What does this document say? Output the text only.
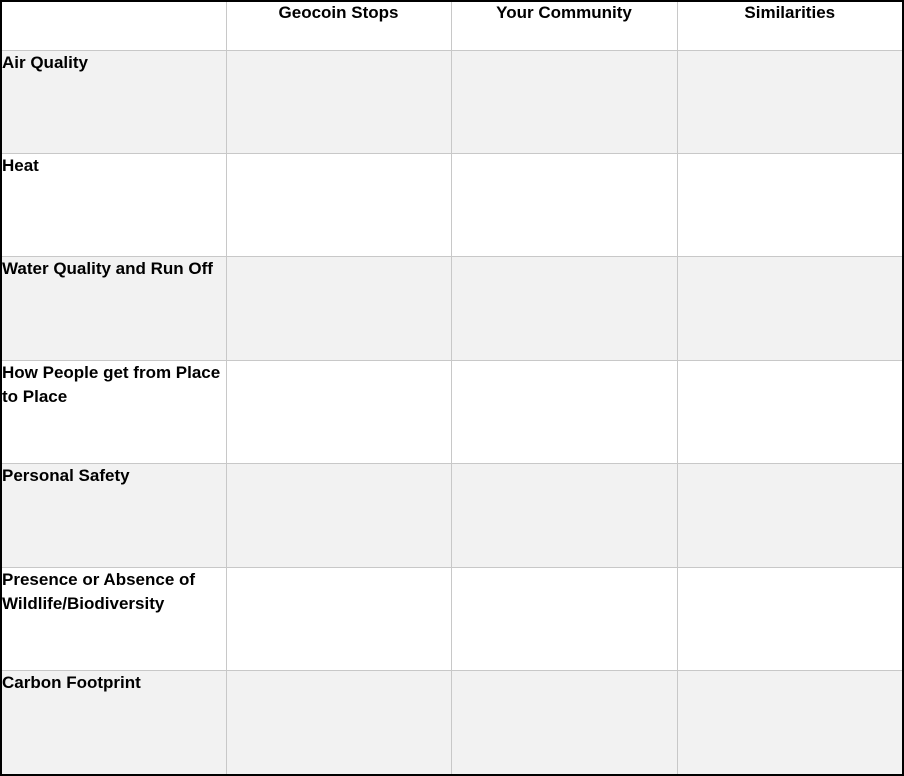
	Geocoin Stops	Your Community	Similarities
Air Quality			
Heat			
Water Quality and Run Off			
How People get from Place to Place			
Personal Safety			
Presence or Absence of Wildlife/Biodiversity			
Carbon Footprint			
